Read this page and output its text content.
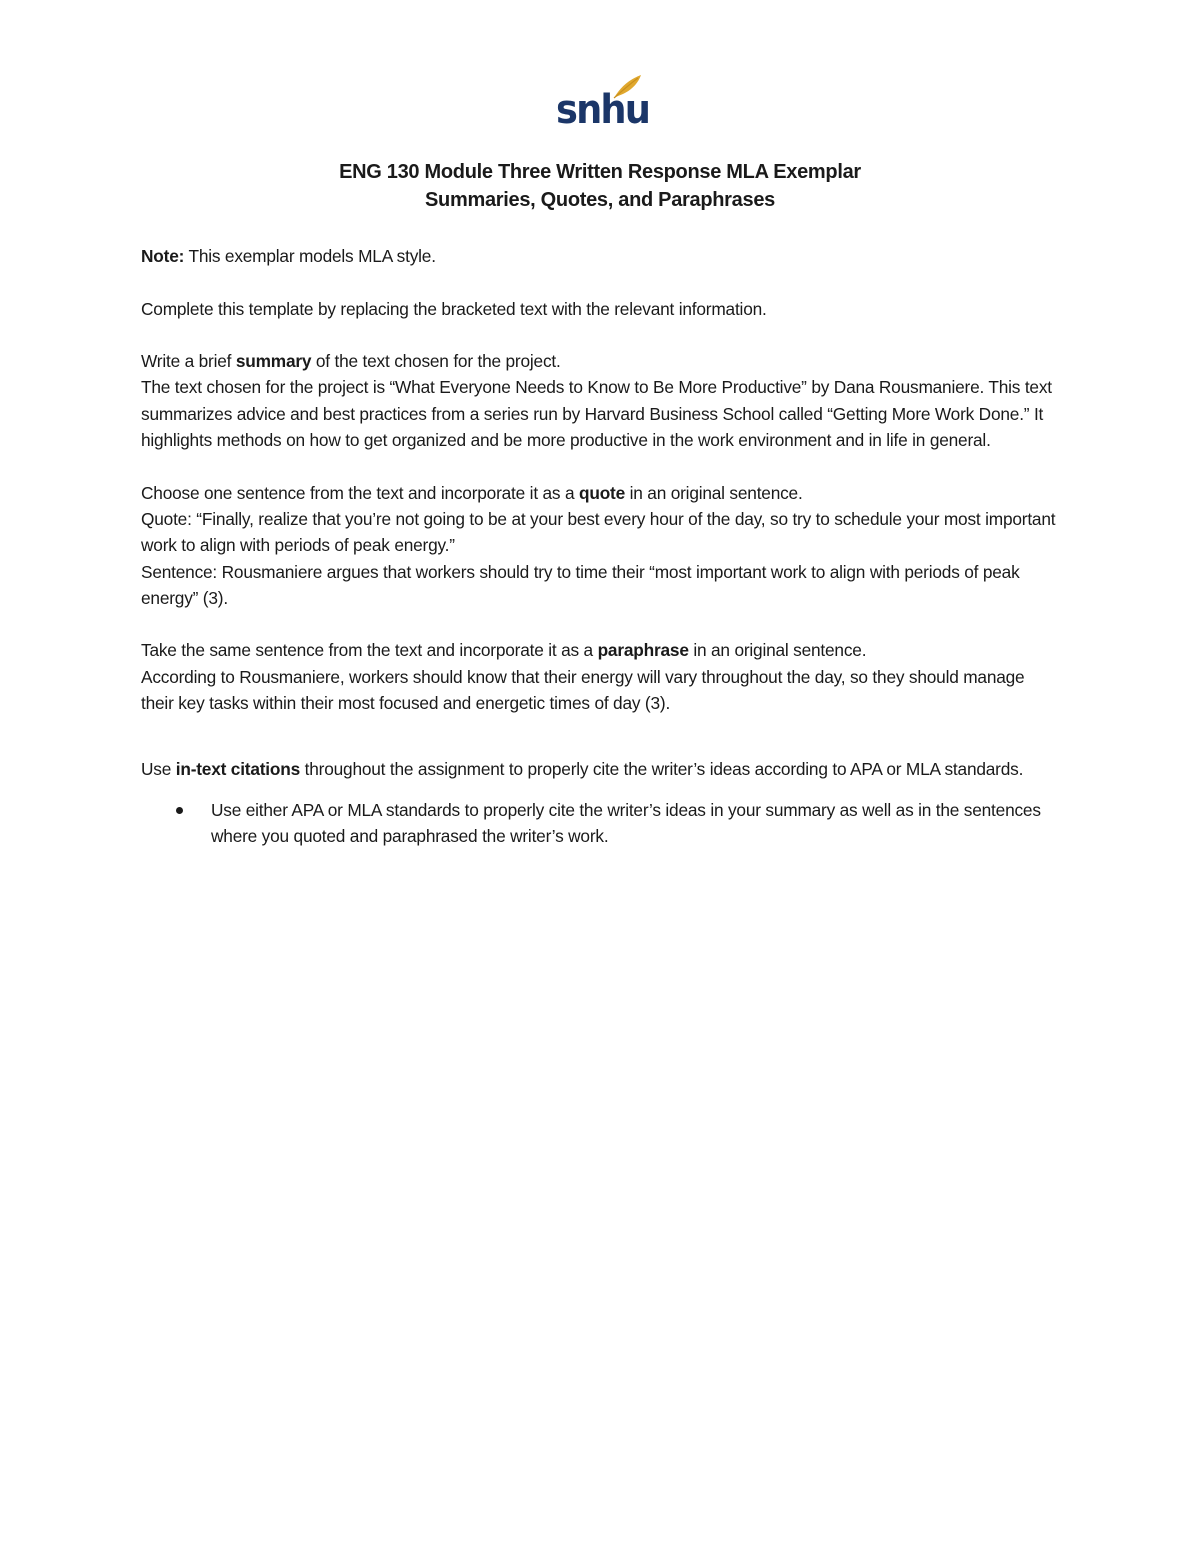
snhu
ENG 130 Module Three Written Response MLA Exemplar
Summaries, Quotes, and Paraphrases

Note: This exemplar models MLA style.

Complete this template by replacing the bracketed text with the relevant information.

Write a brief summary of the text chosen for the project.

The text chosen for the project is “What Everyone Needs to Know to Be More Productive” by Dana Rousmaniere. This text summarizes advice and best practices from a series run by Harvard Business School called “Getting More Work Done.” It highlights methods on how to get organized and be more productive in the work environment and in life in general.

Choose one sentence from the text and incorporate it as a quote in an original sentence.

Quote: “Finally, realize that you’re not going to be at your best every hour of the day, so try to schedule your most important work to align with periods of peak energy.”

Sentence: Rousmaniere argues that workers should try to time their “most important work to align with periods of peak energy” (3).

Take the same sentence from the text and incorporate it as a paraphrase in an original sentence.

According to Rousmaniere, workers should know that their energy will vary throughout the day, so they should manage their key tasks within their most focused and energetic times of day (3).

Use in-text citations throughout the assignment to properly cite the writer’s ideas according to APA or MLA standards.

Use either APA or MLA standards to properly cite the writer’s ideas in your summary as well as in the sentences where you quoted and paraphrased the writer’s work.
